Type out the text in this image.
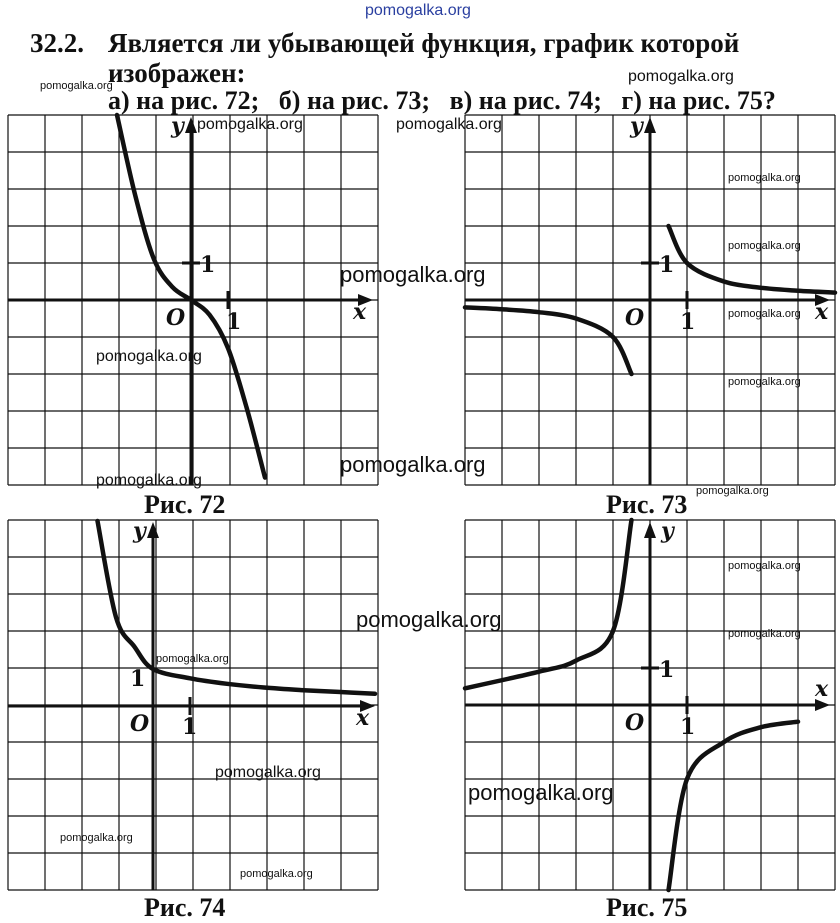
pomogalka.org
32.2. Является ли убывающей функция, график которой изображен:
а) на рис. 72; б) на рис. 73; в) на рис. 74; г) на рис. 75?
x
y
O 1
1
x
y
O 1
1
x
y
O 1
1	x
y
O 1
1
Рис. 72	Рис. 73
Рис. 74	Рис. 75
pomogalka.org
pomogalka.org
pomogalka.org	pomogalka.org
pomogalka.org
pomogalka.org
pomogalka.org
pomogalka.org
pomogalka.org
pomogalka.org
pomogalka.org
pomogalka.org
pomogalka.org
pomogalka.org
pomogalka.org
pomogalka.org
pomogalka.org
pomogalka.org
pomogalka.org
pomogalka.org
pomogalka.org
